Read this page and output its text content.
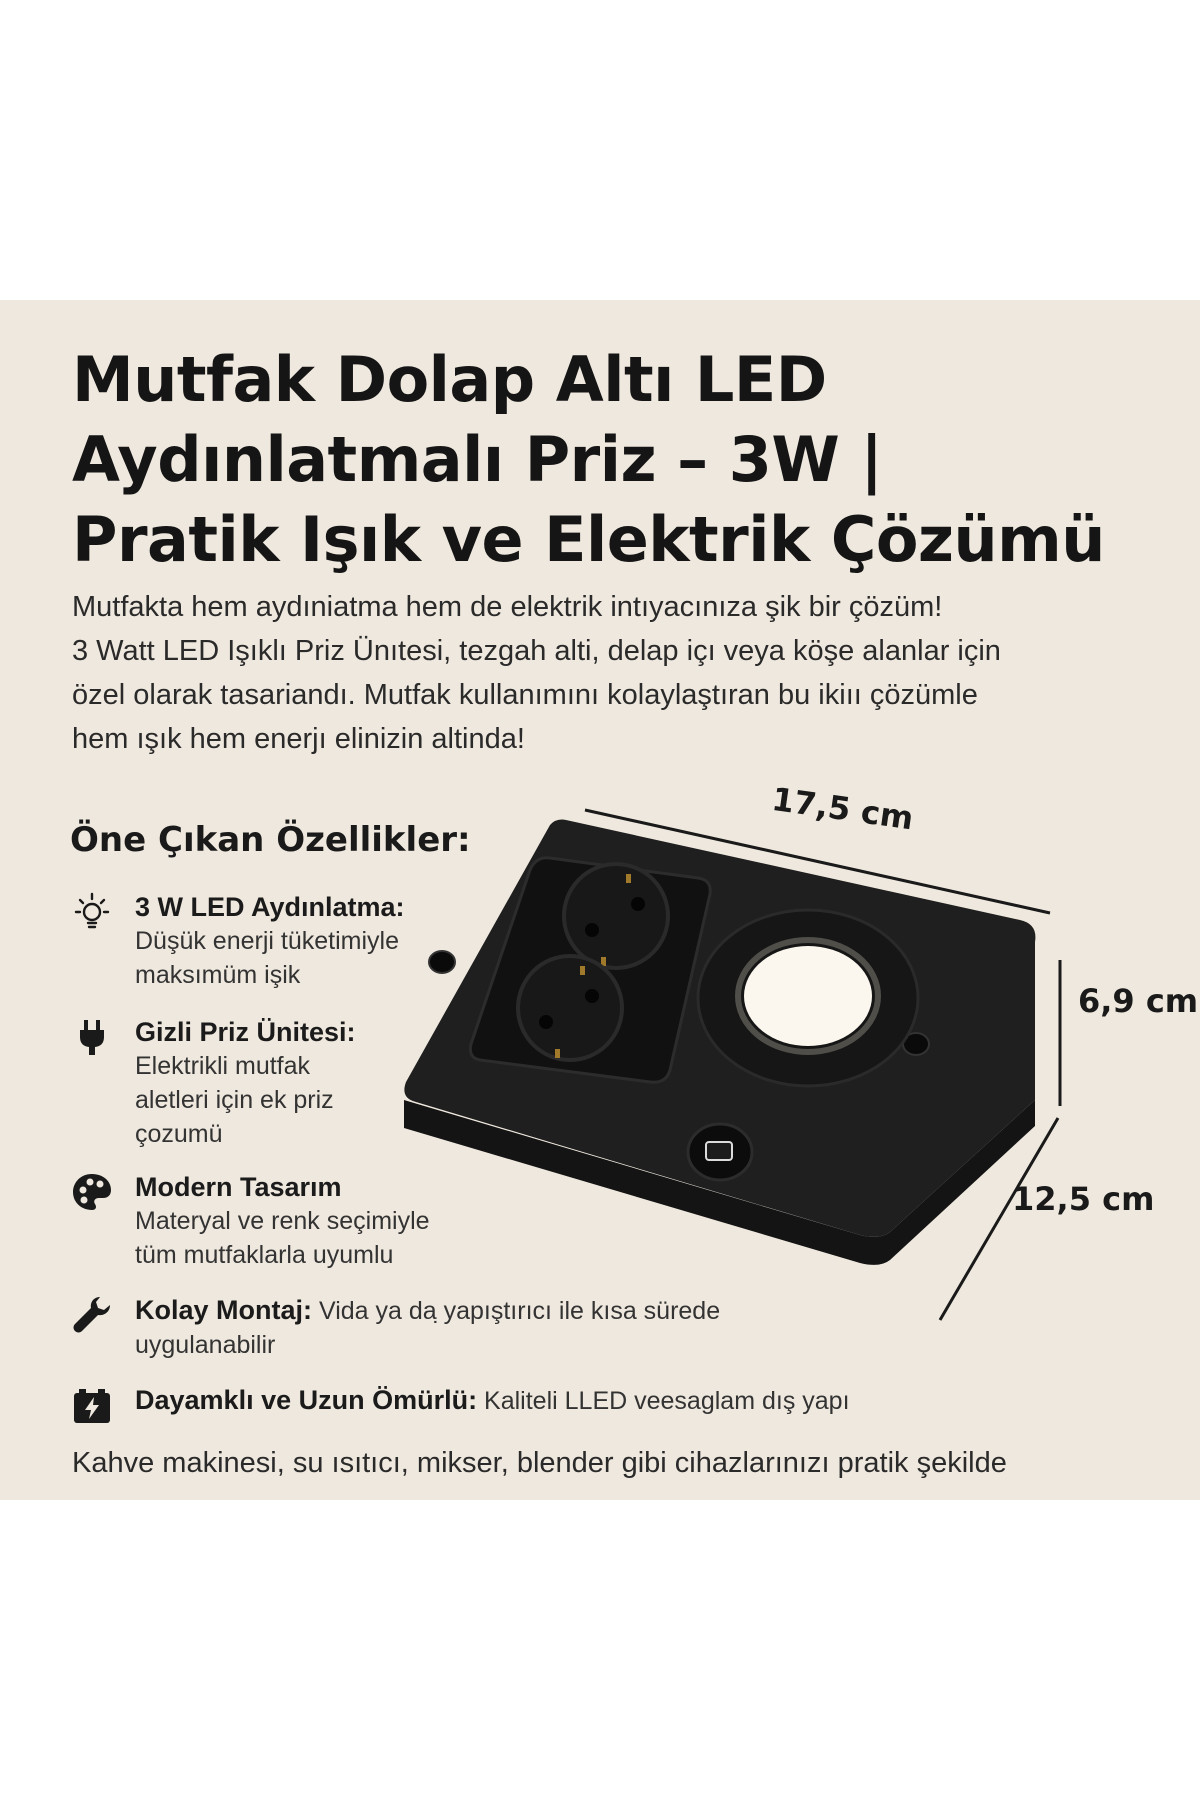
Mutfak Dolap Altı LED
Aydınlatmalı Priz – 3W |
Pratik Işık ve Elektrik Çözümü

Mutfakta hem aydıniatma hem de elektrik intıyacınıza şik bir çözüm!
3 Watt LED Işıklı Priz Ünıtesi, tezgah alti, delap içı veya köşe alanlar için
özel olarak tasariandı. Mutfak kullanımını kolaylaştıran bu ikiıı çözümle
hem ışık hem enerjı elinizin altinda!

Öne Çıkan Özellikler:
3 W LED Aydınlatma:
Düşük enerji tüketimiyle
maksımüm işik
Gizli Priz Ünitesi:
Elektrikli mutfak
aletleri için ek priz
çozumü
Modern Tasarım
Materyal ve renk seçimiyle
tüm mutfaklarla uyumlu
Kolay Montaj: Vida ya da ̣yapıştırıcı ile kısa sürede
uygulanabilir
Dayamklı ve Uzun Ömürlü: Kaliteli LLED veesaglam dış yapı

Kahve makinesi, su ısıtıcı, mikser, blender gibi cihazlarınızı pratik şekilde

17,5 cm
6,9 cm
12,5 cm
